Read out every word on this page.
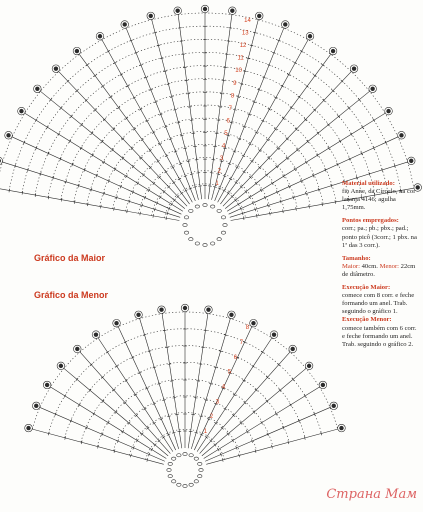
1
2
3
4
5
6
7
8
9
10
11
12
13
14
1
2
3
4
5
6
7
8
Gráfico da Maior
Gráfico da Menor

Material utilizado:
fio Anne, da Círculo, na cor laranja 4146; agulha 1,75mm.

Pontos empregados:
corr.; pa.; pb.; pbx.; pad.; ponto picô (3corr.; 1 pbx. na 1ª das 3 corr.).

Tamanho:
Maior: 40cm. Menor: 22cm de diâmetro.

Execução Maior:
comece com 8 corr. e feche formando um anel. Trab. seguindo o gráfico 1.
Execução Menor:
comece também com 6 corr. e feche formando um anel. Trab. seguindo o gráfico 2.

Страна Мам
